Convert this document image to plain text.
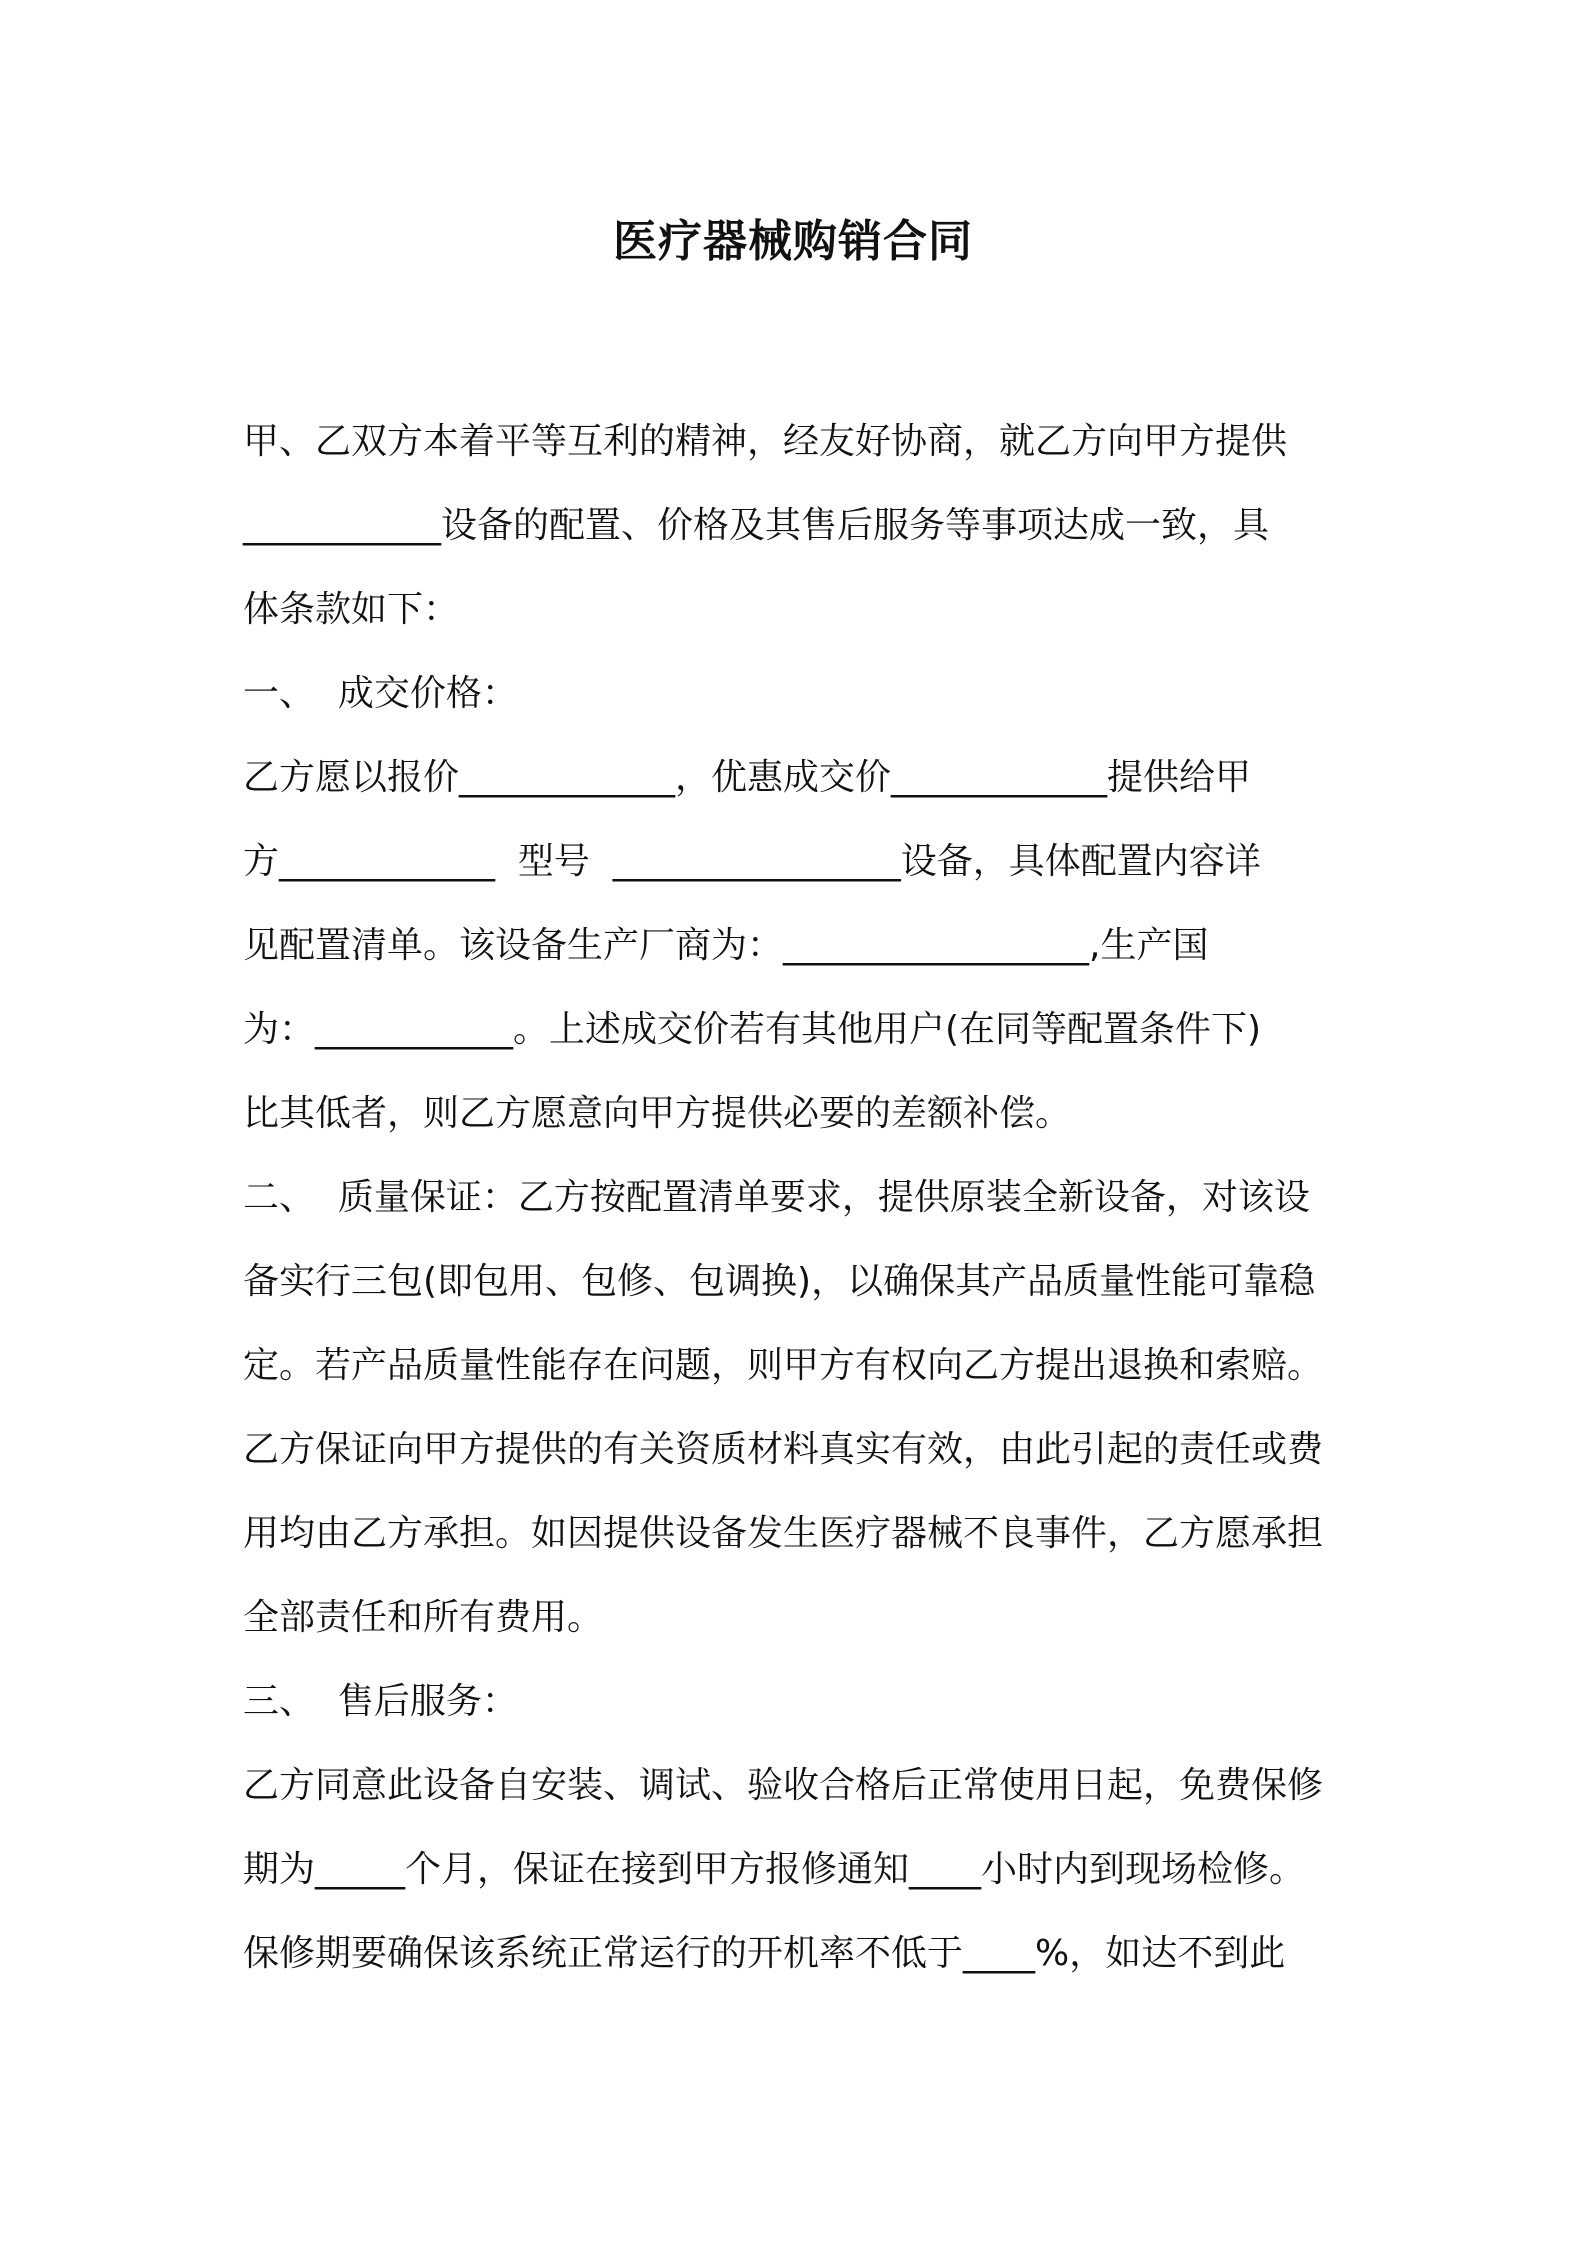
医疗器械购销合同
甲、乙双方本着平等互利的精神，经友好协商，就乙方向甲方提供
___________设备的配置、价格及其售后服务等事项达成一致，具
体条款如下：
一、  成交价格：
乙方愿以报价____________，优惠成交价____________提供给甲
方____________  型号  ________________设备，具体配置内容详
见配置清单。该设备生产厂商为：_________________,生产国
为：___________。上述成交价若有其他用户(在同等配置条件下)
比其低者，则乙方愿意向甲方提供必要的差额补偿。
二、  质量保证：乙方按配置清单要求，提供原装全新设备，对该设
备实行三包(即包用、包修、包调换)，以确保其产品质量性能可靠稳
定。若产品质量性能存在问题，则甲方有权向乙方提出退换和索赔。
乙方保证向甲方提供的有关资质材料真实有效，由此引起的责任或费
用均由乙方承担。如因提供设备发生医疗器械不良事件，乙方愿承担
全部责任和所有费用。
三、  售后服务：
乙方同意此设备自安装、调试、验收合格后正常使用日起，免费保修
期为_____个月，保证在接到甲方报修通知____小时内到现场检修。
保修期要确保该系统正常运行的开机率不低于____%，如达不到此
